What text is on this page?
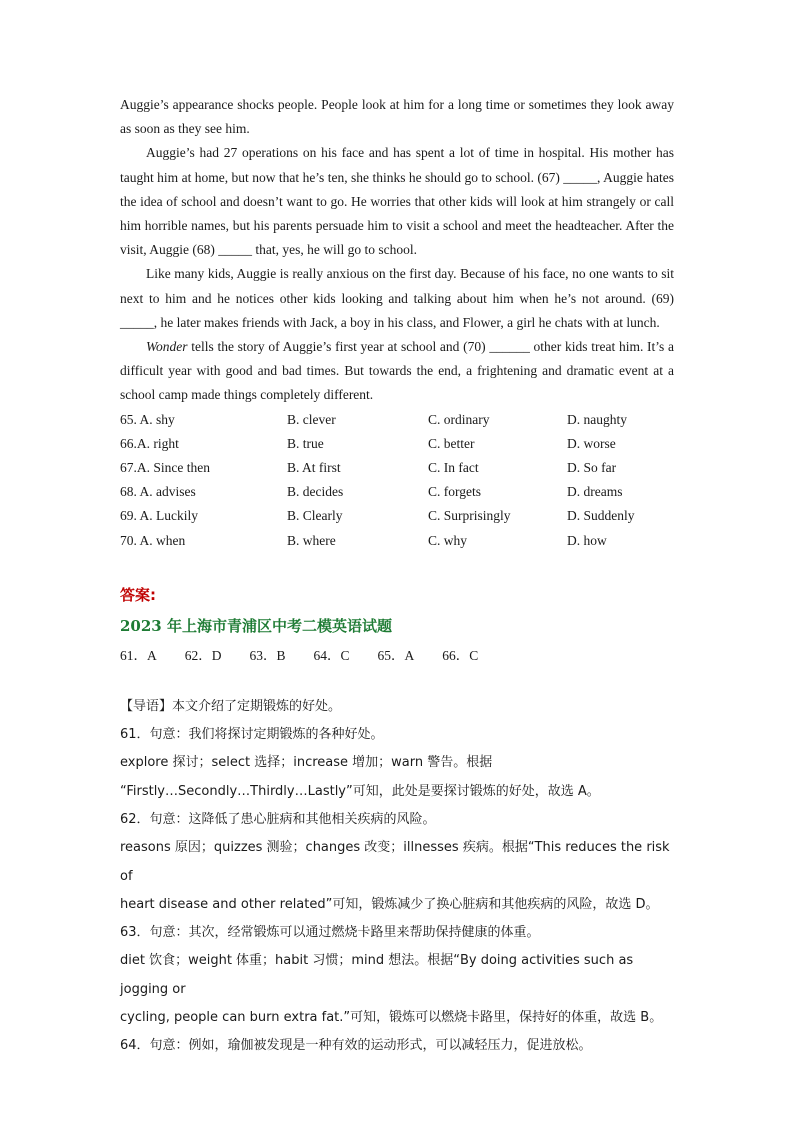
Auggie’s appearance shocks people. People look at him for a long time or sometimes they look away as soon as they see him.

Auggie’s had 27 operations on his face and has spent a lot of time in hospital. His mother has taught him at home, but now that he’s ten, she thinks he should go to school. (67) _____, Auggie hates the idea of school and doesn’t want to go. He worries that other kids will look at him strangely or call him horrible names, but his parents persuade him to visit a school and meet the headteacher. After the visit, Auggie (68) _____ that, yes, he will go to school.

Like many kids, Auggie is really anxious on the first day. Because of his face, no one wants to sit next to him and he notices other kids looking and talking about him when he’s not around. (69) _____, he later makes friends with Jack, a boy in his class, and Flower, a girl he chats with at lunch.

Wonder tells the story of Auggie’s first year at school and (70) ______ other kids treat him. It’s a difficult year with good and bad times. But towards the end, a frightening and dramatic event at a school camp made things completely different.

65. A. shy	B. clever	C. ordinary	D. naughty
66.A. right	B. true	C. better	D. worse
67.A. Since then	B. At first	C. In fact	D. So far
68. A. advises	B. decides	C. forgets	D. dreams
69. A. Luckily	B. Clearly	C. Surprisingly	D. Suddenly
70. A. when	B. where	C. why	D. how
答案:
2023 年上海市青浦区中考二模英语试题
61．A 62．D 63．B 64．C 65．A 66．C

【导语】本文介绍了定期锻炼的好处。

61．句意：我们将探讨定期锻炼的各种好处。

explore 探讨；select 选择；increase 增加；warn 警告。根据

“Firstly…Secondly…Thirdly…Lastly”可知，此处是要探讨锻炼的好处，故选 A。

62．句意：这降低了患心脏病和其他相关疾病的风险。

reasons 原因；quizzes 测验；changes 改变；illnesses 疾病。根据“This reduces the risk of

heart disease and other related”可知，锻炼减少了换心脏病和其他疾病的风险，故选 D。

63．句意：其次，经常锻炼可以通过燃烧卡路里来帮助保持健康的体重。

diet 饮食；weight 体重；habit 习惯；mind 想法。根据“By doing activities such as jogging or

cycling, people can burn extra fat.”可知，锻炼可以燃烧卡路里，保持好的体重，故选 B。

64．句意：例如，瑜伽被发现是一种有效的运动形式，可以减轻压力，促进放松。
